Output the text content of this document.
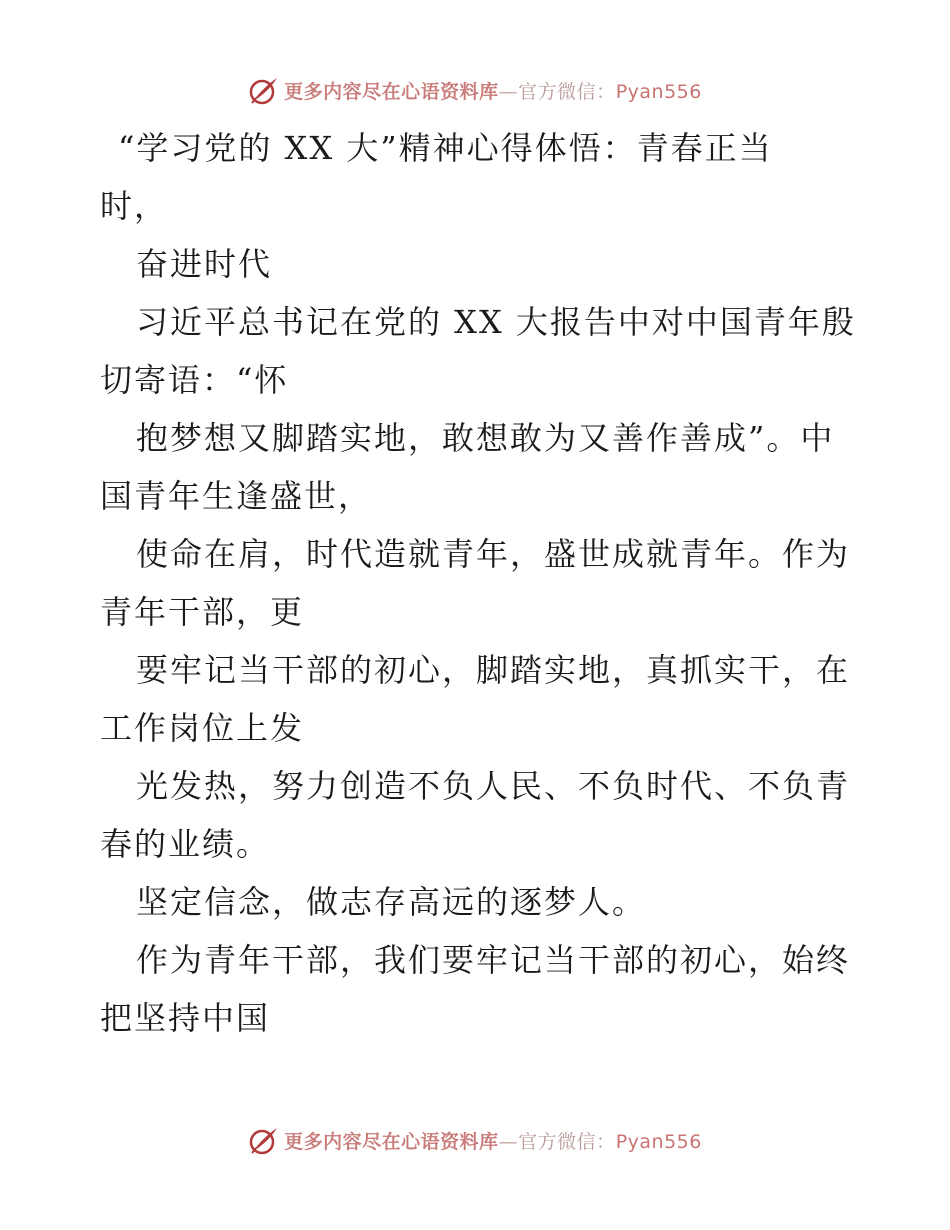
更多内容尽在心语资料库—官方微信：Pyan556
“学习党的 XX 大”精神心得体悟：青春正当
时，
奋进时代
习近平总书记在党的 XX 大报告中对中国青年殷
切寄语：“怀
抱梦想又脚踏实地，敢想敢为又善作善成”。中
国青年生逢盛世，
使命在肩，时代造就青年，盛世成就青年。作为
青年干部，更
要牢记当干部的初心，脚踏实地，真抓实干，在
工作岗位上发
光发热，努力创造不负人民、不负时代、不负青
春的业绩。
坚定信念，做志存高远的逐梦人。
作为青年干部，我们要牢记当干部的初心，始终
把坚持中国
更多内容尽在心语资料库—官方微信：Pyan556
